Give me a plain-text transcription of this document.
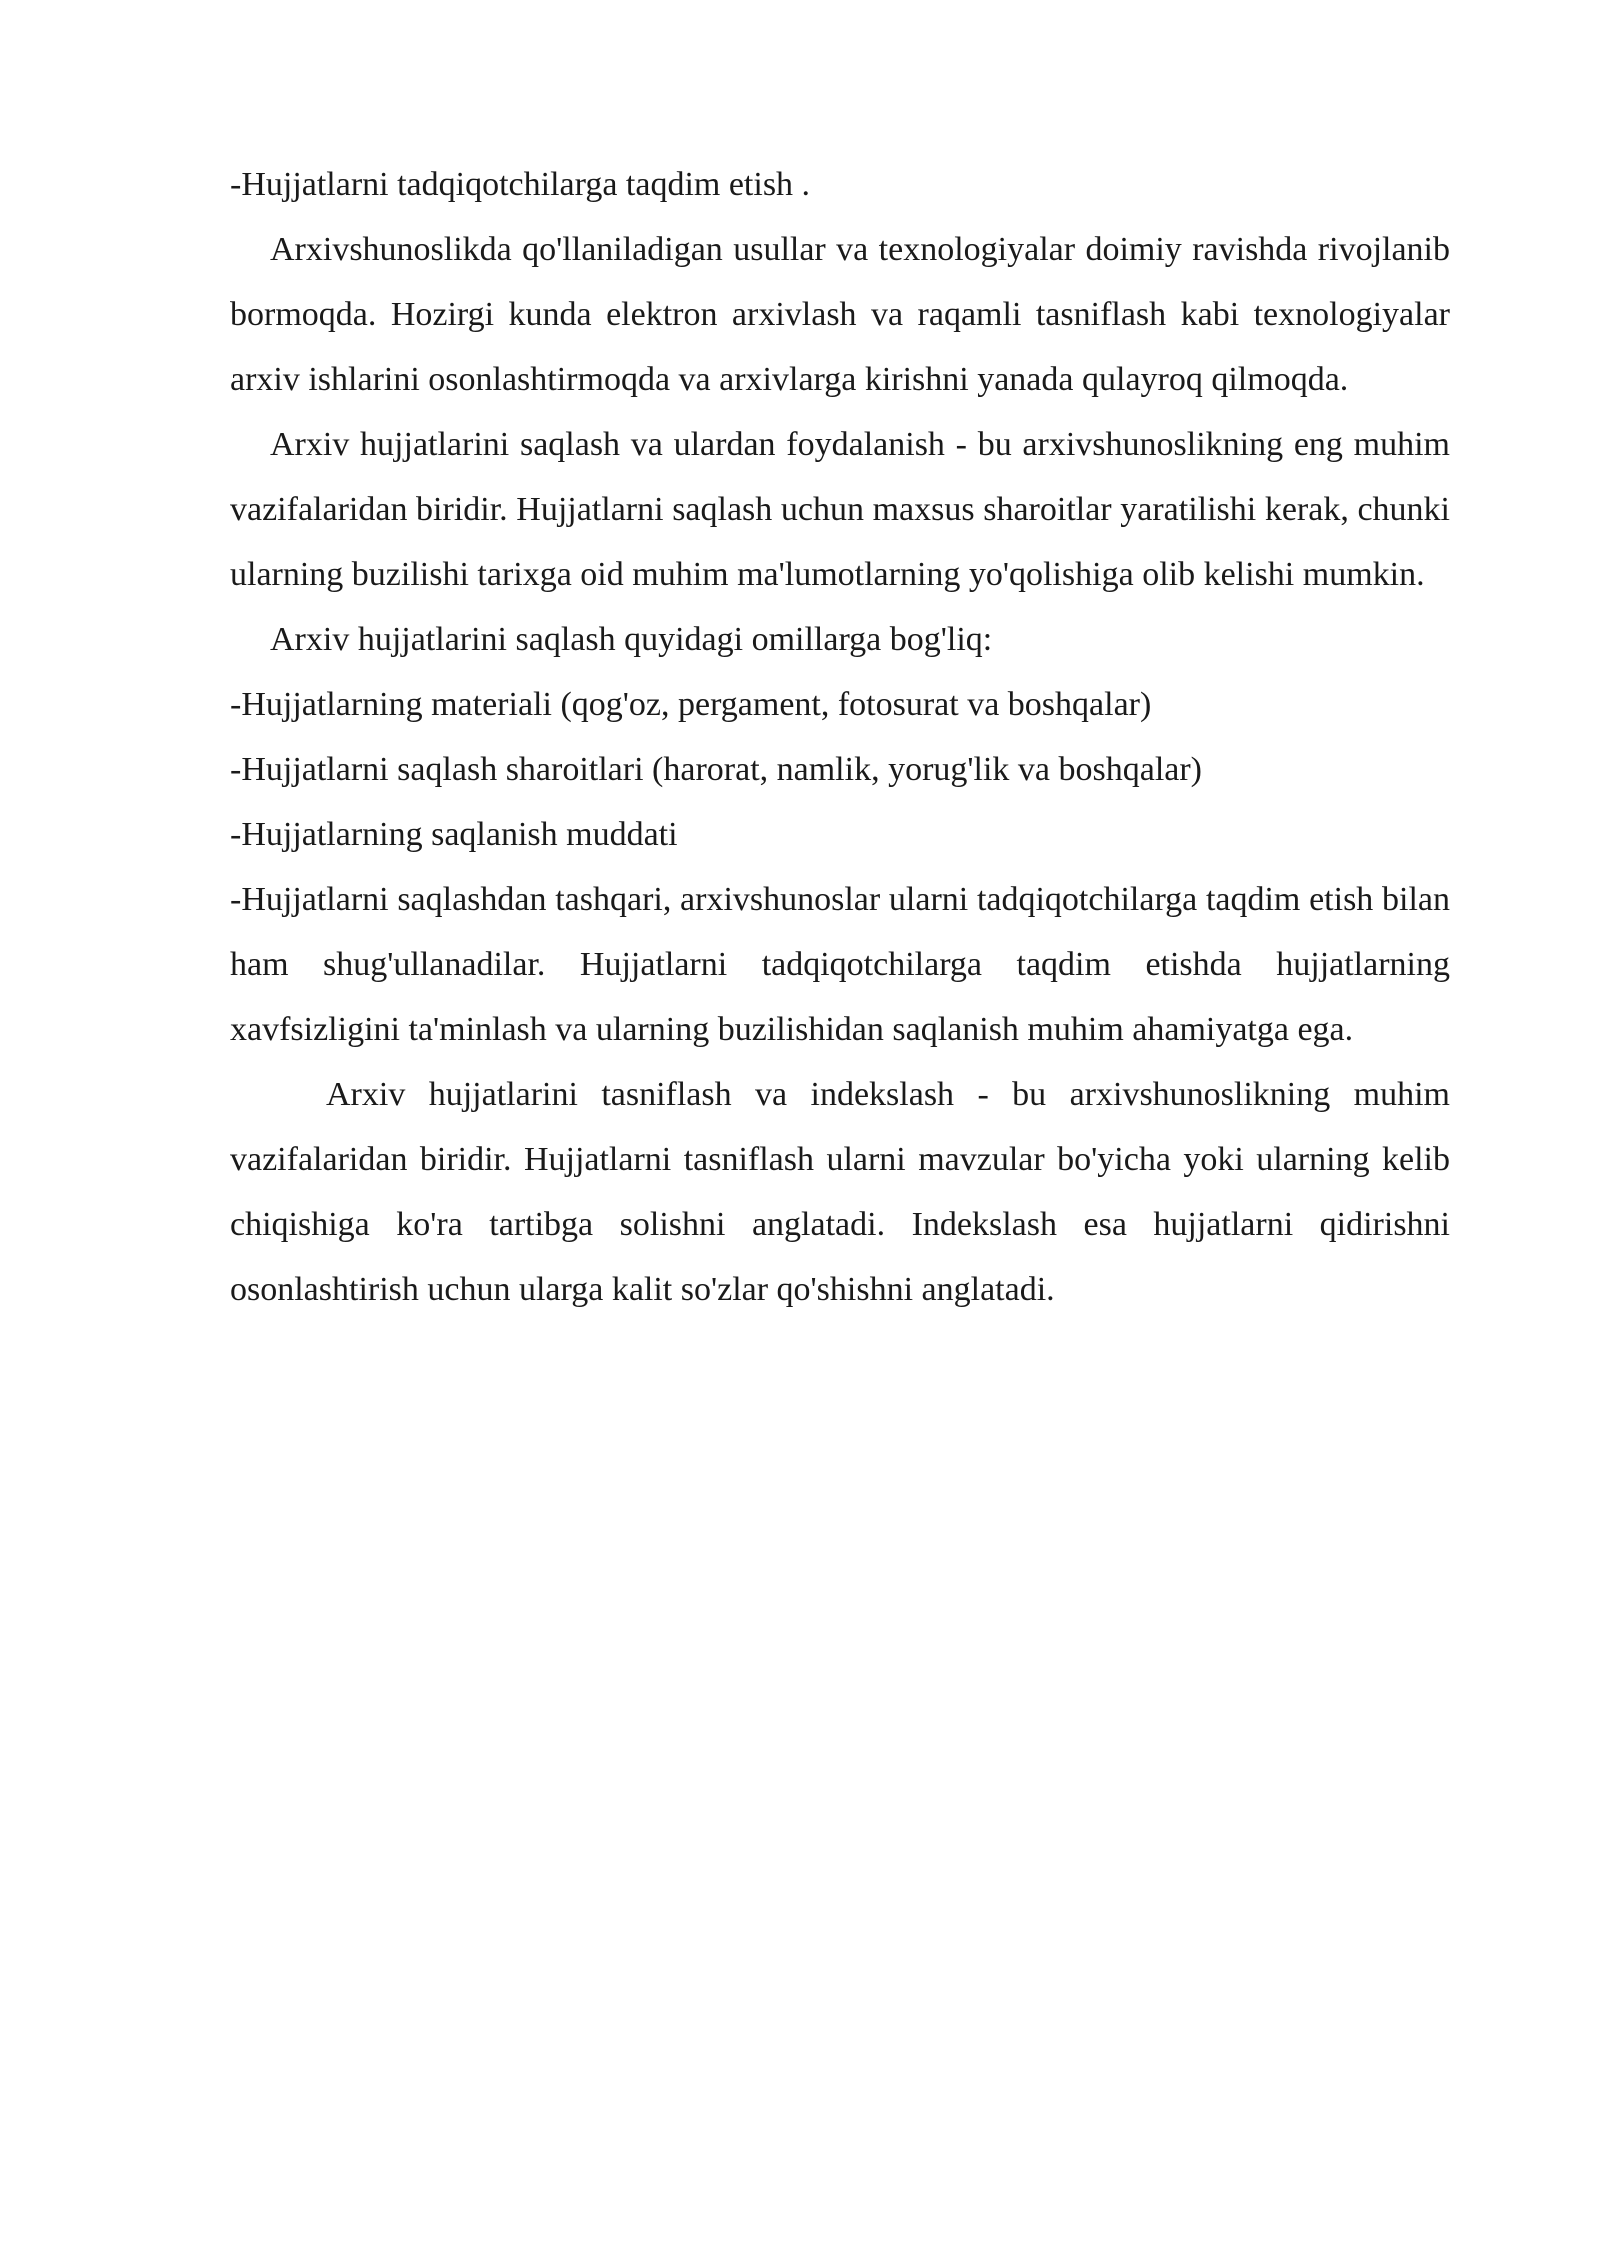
-Hujjatlarni tadqiqotchilarga taqdim etish .

Arxivshunoslikda qo'llaniladigan usullar va texnologiyalar doimiy ravishda rivojlanib bormoqda. Hozirgi kunda elektron arxivlash va raqamli tasniflash kabi texnologiyalar arxiv ishlarini osonlashtirmoqda va arxivlarga kirishni yanada qulayroq qilmoqda.

Arxiv hujjatlarini saqlash va ulardan foydalanish - bu arxivshunoslikning eng muhim vazifalaridan biridir. Hujjatlarni saqlash uchun maxsus sharoitlar yaratilishi kerak, chunki ularning buzilishi tarixga oid muhim ma'lumotlarning yo'qolishiga olib kelishi mumkin.

Arxiv hujjatlarini saqlash quyidagi omillarga bog'liq:

-Hujjatlarning materiali (qog'oz, pergament, fotosurat va boshqalar)

-Hujjatlarni saqlash sharoitlari (harorat, namlik, yorug'lik va boshqalar)

-Hujjatlarning saqlanish muddati

-Hujjatlarni saqlashdan tashqari, arxivshunoslar ularni tadqiqotchilarga taqdim etish bilan ham shug'ullanadilar. Hujjatlarni tadqiqotchilarga taqdim etishda hujjatlarning xavfsizligini ta'minlash va ularning buzilishidan saqlanish muhim ahamiyatga ega.

Arxiv hujjatlarini tasniflash va indekslash - bu arxivshunoslikning muhim vazifalaridan biridir. Hujjatlarni tasniflash ularni mavzular bo'yicha yoki ularning kelib chiqishiga ko'ra tartibga solishni anglatadi. Indekslash esa hujjatlarni qidirishni osonlashtirish uchun ularga kalit so'zlar qo'shishni anglatadi.
